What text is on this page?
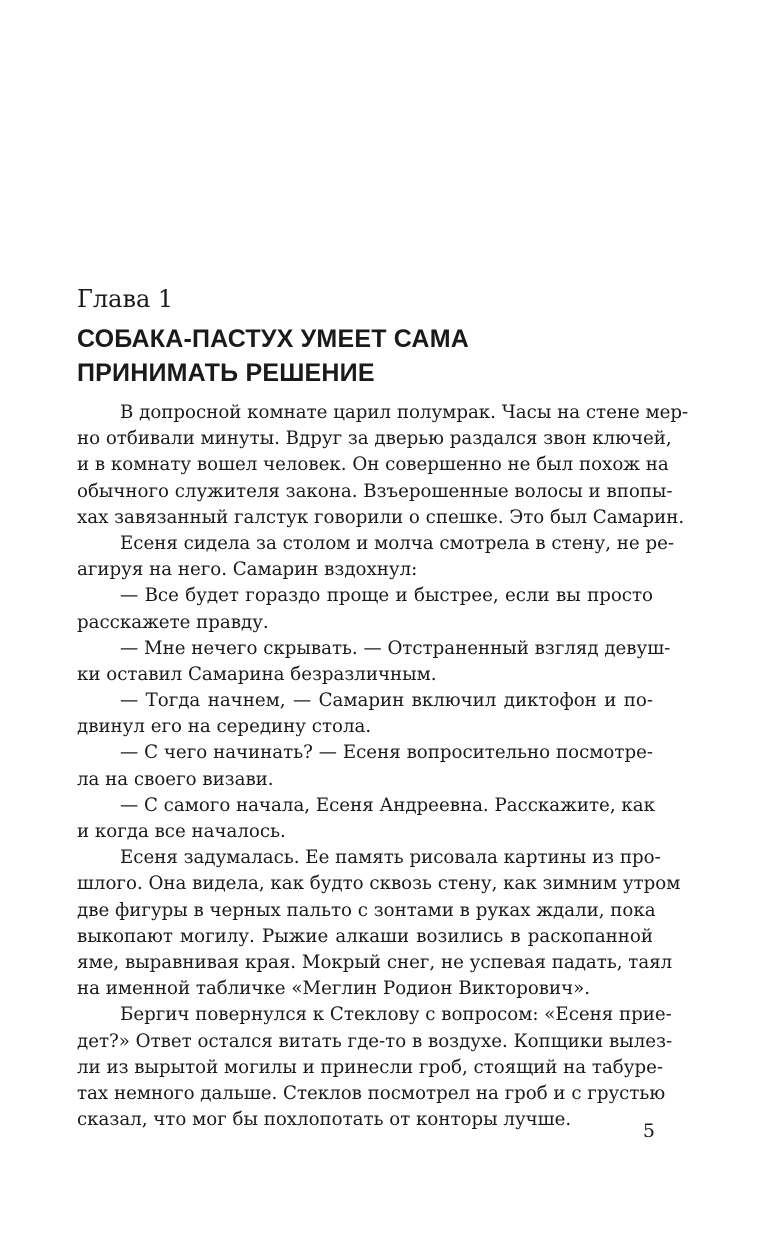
Глава 1
СОБАКА-ПАСТУХ УМЕЕТ САМА
ПРИНИМАТЬ РЕШЕНИЕ
В допросной комнате царил полумрак. Часы на стене мер-
но отбивали минуты. Вдруг за дверью раздался звон ключей,
и в комнату вошел человек. Он совершенно не был похож на
обычного служителя закона. Взъерошенные волосы и впопы-
хах завязанный галстук говорили о спешке. Это был Самарин.
Есеня сидела за столом и молча смотрела в стену, не ре-
агируя на него. Самарин вздохнул:
— Все будет гораздо проще и быстрее, если вы просто
расскажете правду.
— Мне нечего скрывать. — Отстраненный взгляд девуш-
ки оставил Самарина безразличным.
— Тогда начнем, — Самарин включил диктофон и по-
двинул его на середину стола.
— С чего начинать? — Есеня вопросительно посмотре-
ла на своего визави.
— С самого начала, Есеня Андреевна. Расскажите, как
и когда все началось.
Есеня задумалась. Ее память рисовала картины из про-
шлого. Она видела, как будто сквозь стену, как зимним утром
две фигуры в черных пальто с зонтами в руках ждали, пока
выкопают могилу. Рыжие алкаши возились в раскопанной
яме, выравнивая края. Мокрый снег, не успевая падать, таял
на именной табличке «Меглин Родион Викторович».
Бергич повернулся к Стеклову с вопросом: «Есеня прие-
дет?» Ответ остался витать где-то в воздухе. Копщики вылез-
ли из вырытой могилы и принесли гроб, стоящий на табуре-
тах немного дальше. Стеклов посмотрел на гроб и с грустью
сказал, что мог бы похлопотать от конторы лучше.

5
